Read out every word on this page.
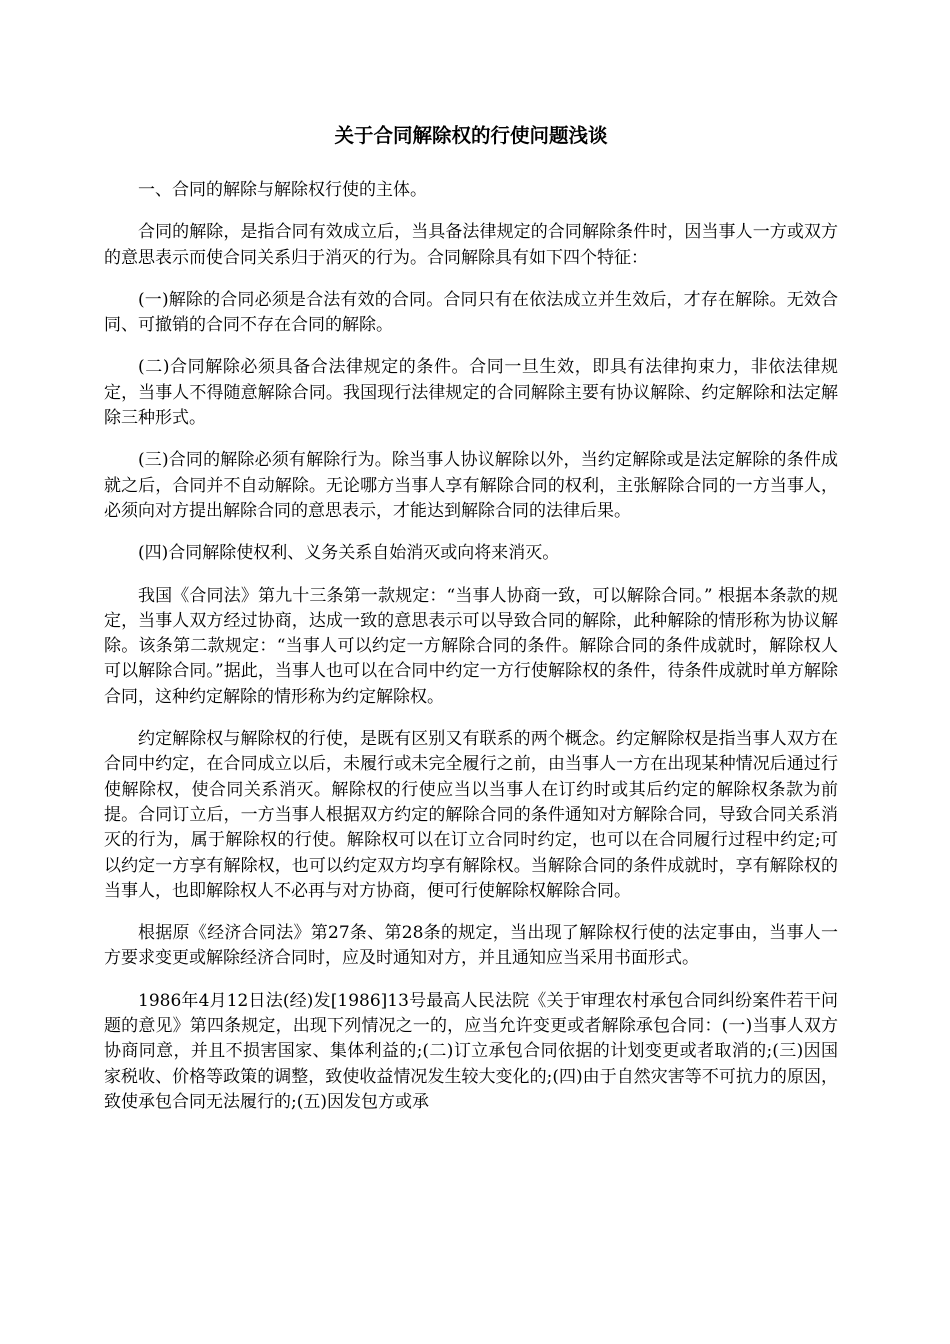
关于合同解除权的行使问题浅谈

一、合同的解除与解除权行使的主体。

合同的解除，是指合同有效成立后，当具备法律规定的合同解除条件时，因当事人一方或双方的意思表示而使合同关系归于消灭的行为。合同解除具有如下四个特征：

(一)解除的合同必须是合法有效的合同。合同只有在依法成立并生效后，才存在解除。无效合同、可撤销的合同不存在合同的解除。

(二)合同解除必须具备合法律规定的条件。合同一旦生效，即具有法律拘束力，非依法律规定，当事人不得随意解除合同。我国现行法律规定的合同解除主要有协议解除、约定解除和法定解除三种形式。

(三)合同的解除必须有解除行为。除当事人协议解除以外，当约定解除或是法定解除的条件成就之后，合同并不自动解除。无论哪方当事人享有解除合同的权利，主张解除合同的一方当事人，必须向对方提出解除合同的意思表示，才能达到解除合同的法律后果。

(四)合同解除使权利、义务关系自始消灭或向将来消灭。

我国《合同法》第九十三条第一款规定：“当事人协商一致，可以解除合同。” 根据本条款的规定，当事人双方经过协商，达成一致的意思表示可以导致合同的解除，此种解除的情形称为协议解除。该条第二款规定：“当事人可以约定一方解除合同的条件。解除合同的条件成就时，解除权人可以解除合同。”据此，当事人也可以在合同中约定一方行使解除权的条件，待条件成就时单方解除合同，这种约定解除的情形称为约定解除权。

约定解除权与解除权的行使，是既有区别又有联系的两个概念。约定解除权是指当事人双方在合同中约定，在合同成立以后，未履行或未完全履行之前，由当事人一方在出现某种情况后通过行使解除权，使合同关系消灭。解除权的行使应当以当事人在订约时或其后约定的解除权条款为前提。合同订立后，一方当事人根据双方约定的解除合同的条件通知对方解除合同，导致合同关系消灭的行为，属于解除权的行使。解除权可以在订立合同时约定，也可以在合同履行过程中约定;可以约定一方享有解除权，也可以约定双方均享有解除权。当解除合同的条件成就时，享有解除权的当事人，也即解除权人不必再与对方协商，便可行使解除权解除合同。

根据原《经济合同法》第27条、第28条的规定，当出现了解除权行使的法定事由，当事人一方要求变更或解除经济合同时，应及时通知对方，并且通知应当采用书面形式。

1986年4月12日法(经)发[1986]13号最高人民法院《关于审理农村承包合同纠纷案件若干问题的意见》第四条规定，出现下列情况之一的，应当允许变更或者解除承包合同：(一)当事人双方协商同意，并且不损害国家、集体利益的;(二)订立承包合同依据的计划变更或者取消的;(三)因国家税收、价格等政策的调整，致使收益情况发生较大变化的;(四)由于自然灾害等不可抗力的原因，致使承包合同无法履行的;(五)因发包方或承
